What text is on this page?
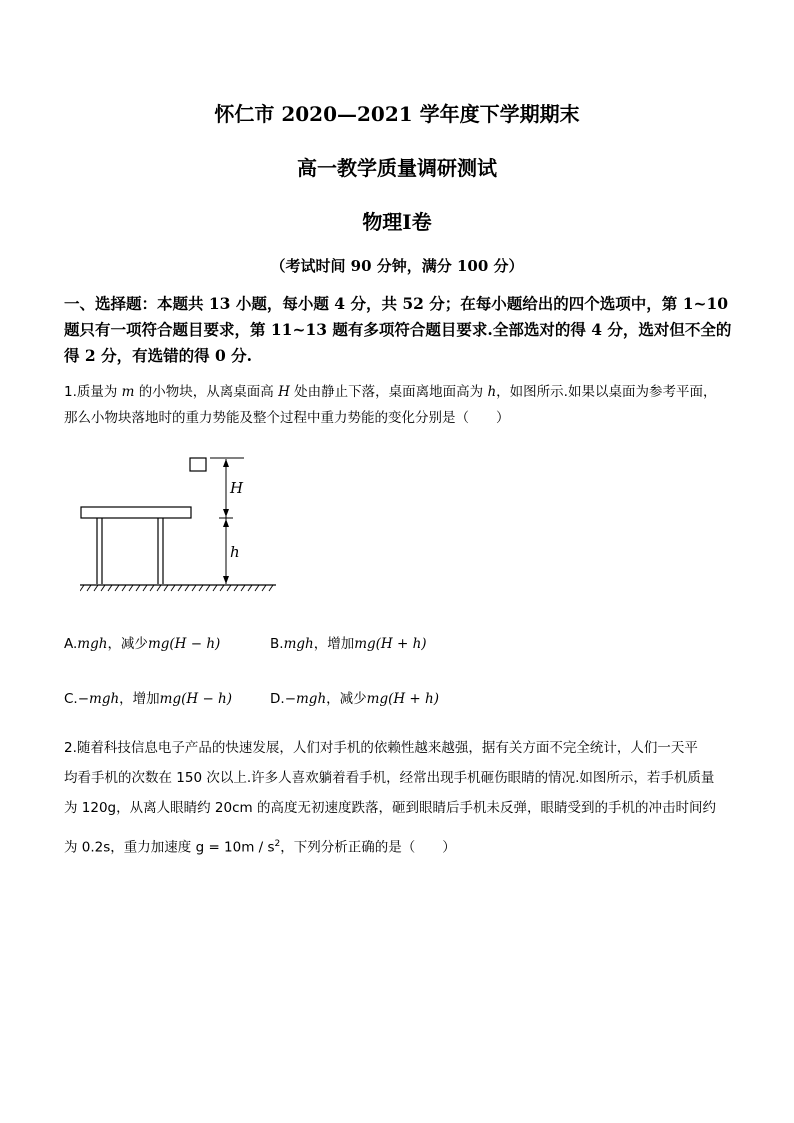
怀仁市 2020—2021 学年度下学期期末
高一教学质量调研测试
物理Ⅰ卷
（考试时间 90 分钟，满分 100 分）
一、选择题：本题共 13 小题，每小题 4 分，共 52 分；在每小题给出的四个选项中，第 1~10
题只有一项符合题目要求，第 11~13 题有多项符合题目要求.全部选对的得 4 分，选对但不全的
得 2 分，有选错的得 0 分.
1.质量为 m 的小物块，从离桌面高 H 处由静止下落，桌面离地面高为 h，如图所示.如果以桌面为参考平面，
那么小物块落地时的重力势能及整个过程中重力势能的变化分别是（　　）
H
h
A.mgh，减少mg(H − h)	B.mgh，增加mg(H + h)
C.−mgh，增加mg(H − h)	D.−mgh，减少mg(H + h)
2.随着科技信息电子产品的快速发展，人们对手机的依赖性越来越强，据有关方面不完全统计，人们一天平
均看手机的次数在 150 次以上.许多人喜欢躺着看手机，经常出现手机砸伤眼睛的情况.如图所示，若手机质量
为 120g，从离人眼睛约 20cm 的高度无初速度跌落，砸到眼睛后手机未反弹，眼睛受到的手机的冲击时间约
为 0.2s，重力加速度 $g = 10m / s^2$，下列分析正确的是（　　）
